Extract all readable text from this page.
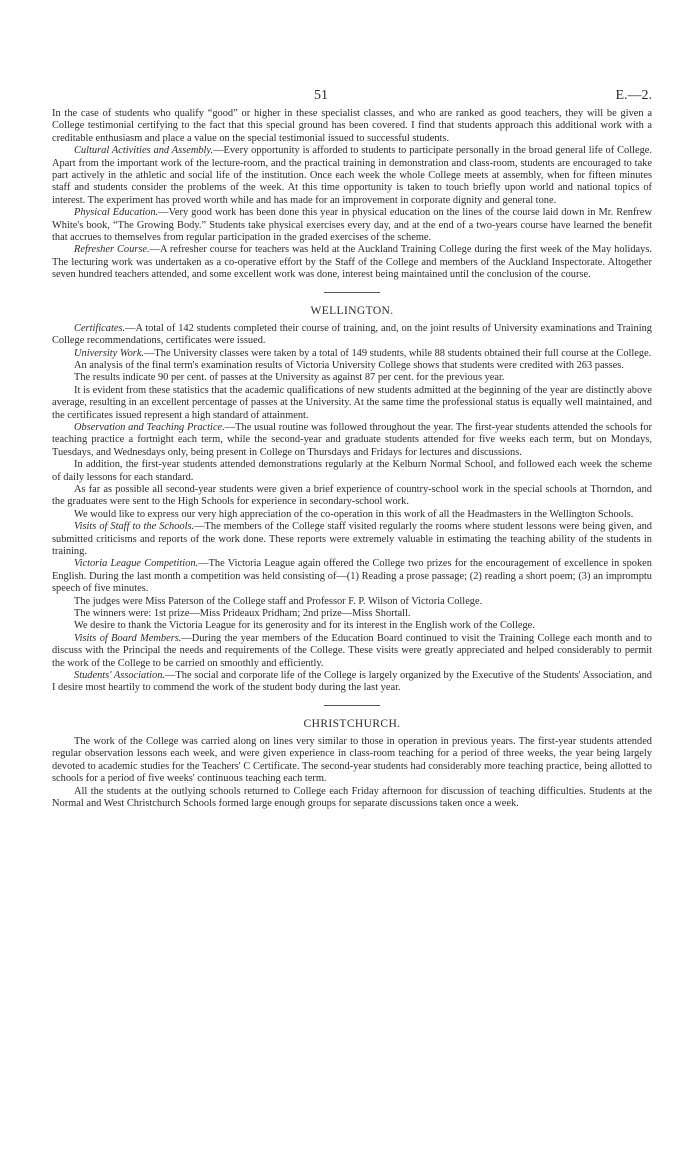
51	E.—2.

In the case of students who qualify “good” or higher in these specialist classes, and who are ranked as good teachers, they will be given a College testimonial certifying to the fact that this special ground has been covered. I find that students approach this additional work with a creditable enthusiasm and place a value on the special testimonial issued to successful students.

Cultural Activities and Assembly.—Every opportunity is afforded to students to participate personally in the broad general life of College. Apart from the important work of the lecture-room, and the practical training in demonstration and class-room, students are encouraged to take part actively in the athletic and social life of the institution. Once each week the whole College meets at assembly, when for fifteen minutes staff and students consider the problems of the week. At this time opportunity is taken to touch briefly upon world and national topics of interest. The experiment has proved worth while and has made for an improvement in corporate dignity and general tone.

Physical Education.—Very good work has been done this year in physical education on the lines of the course laid down in Mr. Renfrew White's book, “The Growing Body.” Students take physical exercises every day, and at the end of a two-years course have learned the benefit that accrues to themselves from regular participation in the graded exercises of the scheme.

Refresher Course.—A refresher course for teachers was held at the Auckland Training College during the first week of the May holidays. The lecturing work was undertaken as a co-operative effort by the Staff of the College and members of the Auckland Inspectorate. Altogether seven hundred teachers attended, and some excellent work was done, interest being maintained until the conclusion of the course.

WELLINGTON.

Certificates.—A total of 142 students completed their course of training, and, on the joint results of University examinations and Training College recommendations, certificates were issued.

University Work.—The University classes were taken by a total of 149 students, while 88 students obtained their full course at the College.

An analysis of the final term's examination results of Victoria University College shows that students were credited with 263 passes.

The results indicate 90 per cent. of passes at the University as against 87 per cent. for the previous year.

It is evident from these statistics that the academic qualifications of new students admitted at the beginning of the year are distinctly above average, resulting in an excellent percentage of passes at the University. At the same time the professional status is equally well maintained, and the certificates issued represent a high standard of attainment.

Observation and Teaching Practice.—The usual routine was followed throughout the year. The first-year students attended the schools for teaching practice a fortnight each term, while the second-year and graduate students attended for five weeks each term, but on Mondays, Tuesdays, and Wednesdays only, being present in College on Thursdays and Fridays for lectures and discussions.

In addition, the first-year students attended demonstrations regularly at the Kelburn Normal School, and followed each week the scheme of daily lessons for each standard.

As far as possible all second-year students were given a brief experience of country-school work in the special schools at Thorndon, and the graduates were sent to the High Schools for experience in secondary-school work.

We would like to express our very high appreciation of the co-operation in this work of all the Headmasters in the Wellington Schools.

Visits of Staff to the Schools.—The members of the College staff visited regularly the rooms where student lessons were being given, and submitted criticisms and reports of the work done. These reports were extremely valuable in estimating the teaching ability of the students in training.

Victoria League Competition.—The Victoria League again offered the College two prizes for the encouragement of excellence in spoken English. During the last month a competition was held consisting of—(1) Reading a prose passage; (2) reading a short poem; (3) an impromptu speech of five minutes.

The judges were Miss Paterson of the College staff and Professor F. P. Wilson of Victoria College.

The winners were: 1st prize—Miss Prideaux Pridham; 2nd prize—Miss Shortall.

We desire to thank the Victoria League for its generosity and for its interest in the English work of the College.

Visits of Board Members.—During the year members of the Education Board continued to visit the Training College each month and to discuss with the Principal the needs and requirements of the College. These visits were greatly appreciated and helped considerably to permit the work of the College to be carried on smoothly and efficiently.

Students' Association.—The social and corporate life of the College is largely organized by the Executive of the Students' Association, and I desire most heartily to commend the work of the student body during the last year.

CHRISTCHURCH.

The work of the College was carried along on lines very similar to those in operation in previous years. The first-year students attended regular observation lessons each week, and were given experience in class-room teaching for a period of three weeks, the year being largely devoted to academic studies for the Teachers' C Certificate. The second-year students had considerably more teaching practice, being allotted to schools for a period of five weeks' continuous teaching each term.

All the students at the outlying schools returned to College each Friday afternoon for discussion of teaching difficulties. Students at the Normal and West Christchurch Schools formed large enough groups for separate discussions taken once a week.
